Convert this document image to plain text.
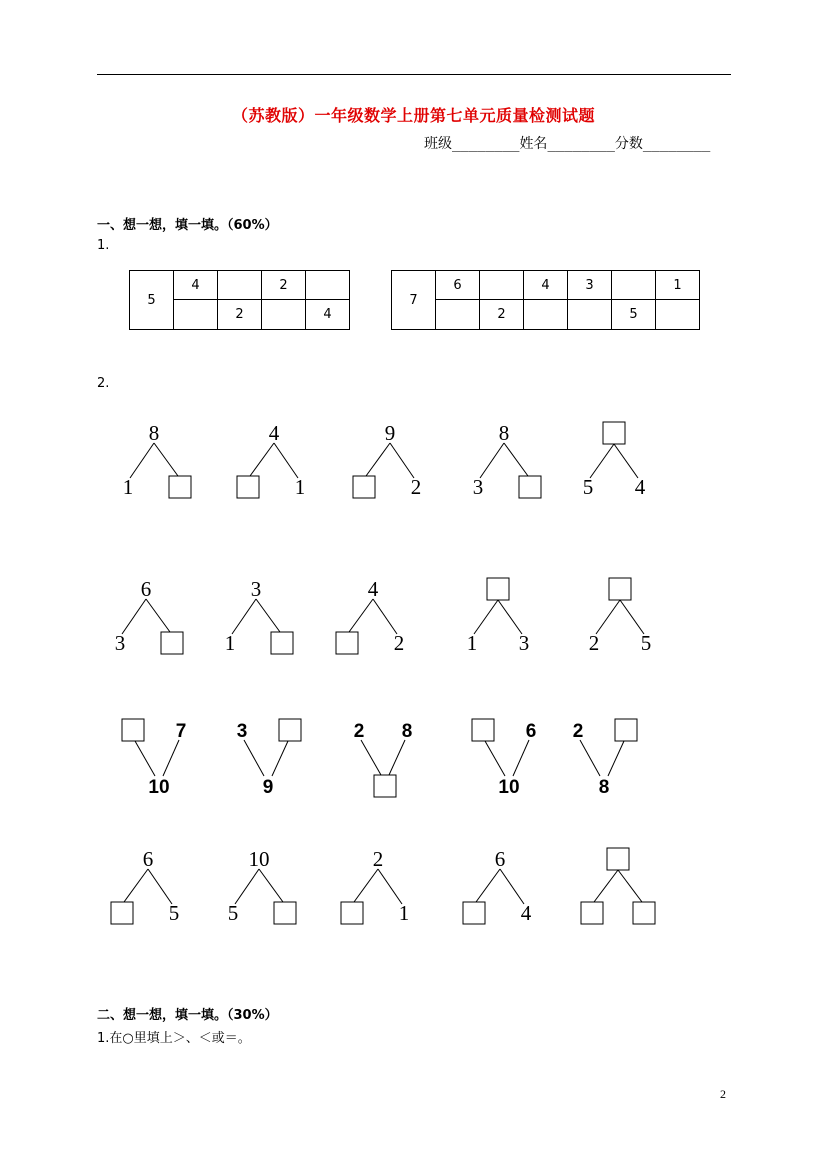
（苏教版）一年级数学上册第七单元质量检测试题
班级________姓名________分数________
一、想一想，填一填。（60%）
1.
5	4		2	
		2		4
7	6		4	3		1
		2			5	
2.
8
1
4
1
9
2
8
3	5 4
6
3
3
1
4
2	1 3	2 5
7
10
3
9
2 8	6
10
2
8
6
5
10
5
2
1
6
4
二、想一想，填一填。（30%）
1.在○里填上＞、＜或＝。
2
